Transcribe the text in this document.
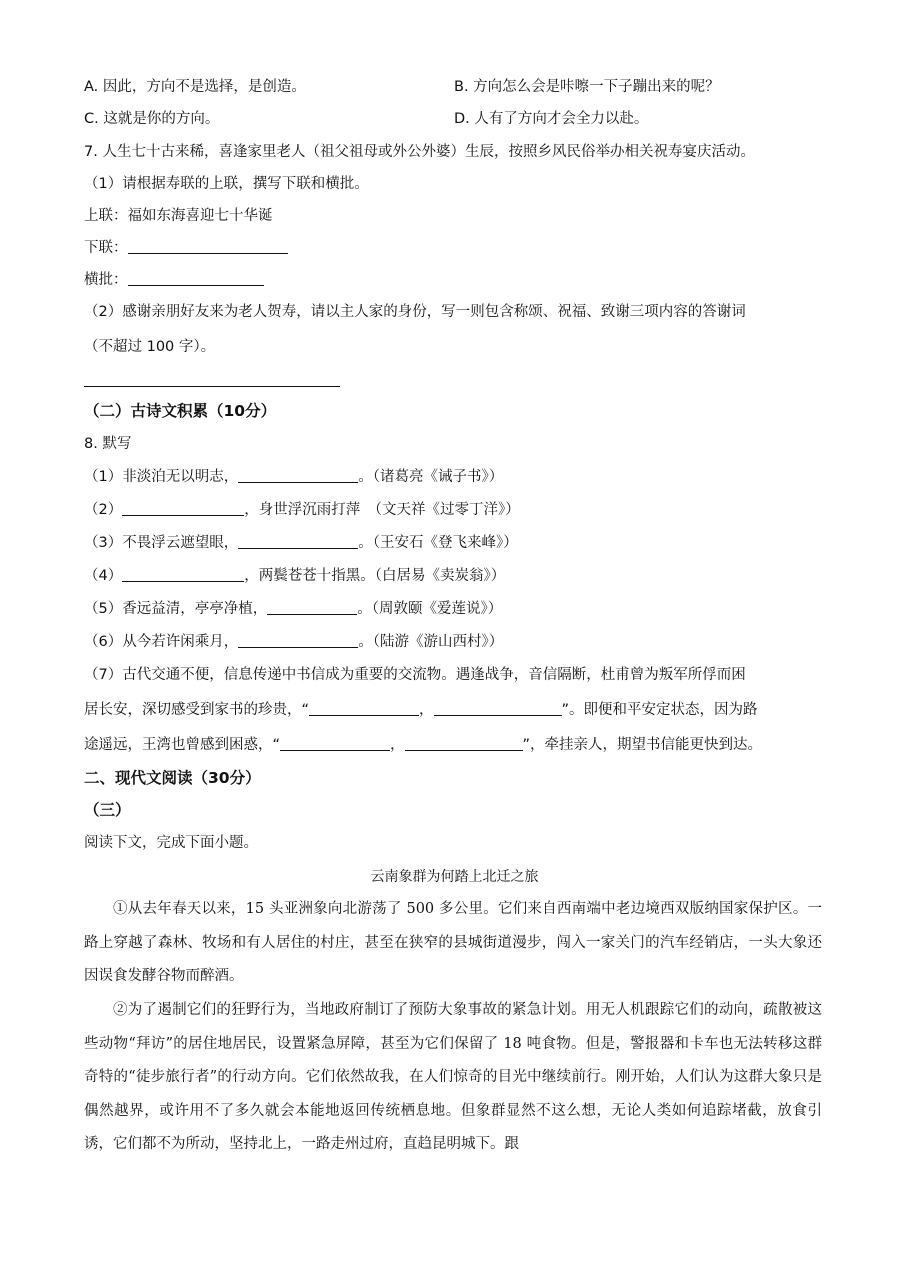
A. 因此，方向不是选择，是创造。	B. 方向怎么会是咔嚓一下子蹦出来的呢？
C. 这就是你的方向。	D. 人有了方向才会全力以赴。
7. 人生七十古来稀，喜逢家里老人（祖父祖母或外公外婆）生辰，按照乡风民俗举办相关祝寿宴庆活动。
（1）请根据寿联的上联，撰写下联和横批。
上联：福如东海喜迎七十华诞
下联：
横批：
（2）感谢亲朋好友来为老人贺寿，请以主人家的身份，写一则包含称颂、祝福、致谢三项内容的答谢词
（不超过 100 字）。
（二）古诗文积累（10分）
8. 默写
（1）非淡泊无以明志，	。（诸葛亮《诫子书》）
（2）	，身世浮沉雨打萍　（文天祥《过零丁洋》）
（3）不畏浮云遮望眼，	。（王安石《登飞来峰》）
（4）	，两鬓苍苍十指黑。（白居易《卖炭翁》）
（5）香远益清，亭亭净植，	。（周敦颐《爱莲说》）
（6）从今若许闲乘月，	。（陆游《游山西村》）
（7）古代交通不便，信息传递中书信成为重要的交流物。遇逢战争，音信隔断，杜甫曾为叛军所俘而困
居长安，深切感受到家书的珍贵，“	，	”。即便和平安定状态，因为路
途遥远，王湾也曾感到困惑，“	，	”，牵挂亲人，期望书信能更快到达。
二、现代文阅读（30分）
（三）
阅读下文，完成下面小题。
云南象群为何踏上北迁之旅
①从去年春天以来，15 头亚洲象向北游荡了 500 多公里。它们来自西南端中老边境西双版纳国家保护区。一路上穿越了森林、牧场和有人居住的村庄，甚至在狭窄的县城街道漫步，闯入一家关门的汽车经销店，一头大象还因误食发酵谷物而醉酒。
②为了遏制它们的狂野行为，当地政府制订了预防大象事故的紧急计划。用无人机跟踪它们的动向，疏散被这些动物“拜访”的居住地居民，设置紧急屏障，甚至为它们保留了 18 吨食物。但是，警报器和卡车也无法转移这群奇特的“徒步旅行者”的行动方向。它们依然故我，在人们惊奇的目光中继续前行。刚开始，人们认为这群大象只是偶然越界，或许用不了多久就会本能地返回传统栖息地。但象群显然不这么想，无论人类如何追踪堵截，放食引诱，它们都不为所动，坚持北上，一路走州过府，直趋昆明城下。跟
